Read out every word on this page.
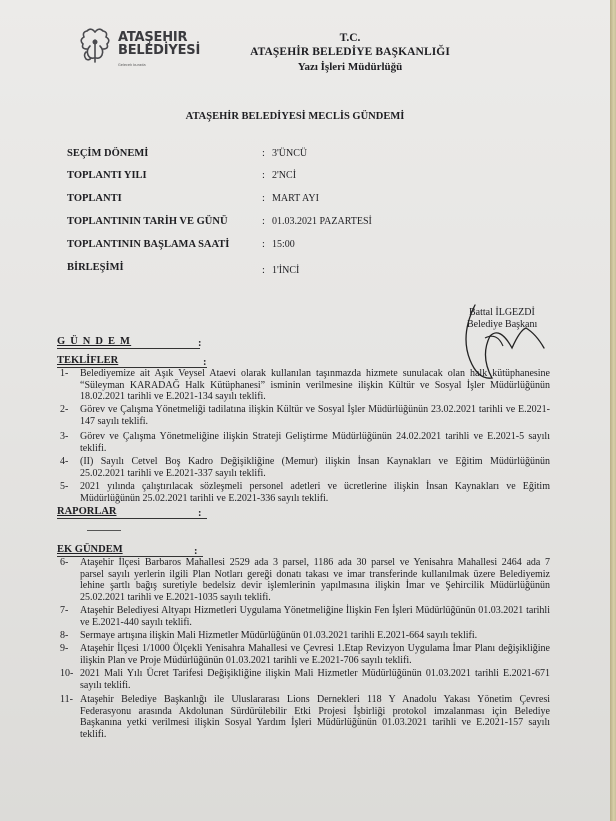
ATAŞEHIR
BELEDİYESİ
Gelecek burada
T.C.
ATAŞEHİR BELEDİYE BAŞKANLIĞI
Yazı İşleri Müdürlüğü
ATAŞEHİR BELEDİYESİ MECLİS GÜNDEMİ
SEÇİM DÖNEMİ	: 3'ÜNCÜ
TOPLANTI YILI	: 2'NCİ
TOPLANTI	: MART AYI
TOPLANTININ TARİH VE GÜNÜ	: 01.03.2021 PAZARTESİ
TOPLANTININ BAŞLAMA SAATİ	: 15:00
BİRLEŞİMİ	: 1'İNCİ
Battal İLGEZDİ
Belediye Başkanı
G Ü N D E M	:
TEKLİFLER	:
1- Belediyemize ait Aşık Veysel Ataevi olarak kullanılan taşınmazda hizmete sunulacak olan halk kütüphanesine
“Süleyman KARADAĞ Halk Kütüphanesi” isminin verilmesine ilişkin Kültür ve Sosyal İşler Müdürlüğünün
18.02.2021 tarihli ve E.2021-134 sayılı teklifi.
2- Görev ve Çalışma Yönetmeliği tadilatına ilişkin Kültür ve Sosyal İşler Müdürlüğünün 23.02.2021 tarihli ve E.2021-
147 sayılı teklifi.
3- Görev ve Çalışma Yönetmeliğine ilişkin Strateji Geliştirme Müdürlüğünün 24.02.2021 tarihli ve E.2021-5 sayılı
teklifi.
4- (II) Sayılı Cetvel Boş Kadro Değişikliğine (Memur) ilişkin İnsan Kaynakları ve Eğitim Müdürlüğünün
25.02.2021 tarihli ve E.2021-337 sayılı teklifi.
5- 2021 yılında çalıştırılacak sözleşmeli personel adetleri ve ücretlerine ilişkin İnsan Kaynakları ve Eğitim
Müdürlüğünün 25.02.2021 tarihli ve E.2021-336 sayılı teklifi.
RAPORLAR	:
EK GÜNDEM	:
6- Ataşehir İlçesi Barbaros Mahallesi 2529 ada 3 parsel, 1186 ada 30 parsel ve Yenisahra Mahallesi 2464 ada 7
parsel sayılı yerlerin ilgili Plan Notları gereği donatı takası ve imar transferinde kullanılmak üzere Belediyemiz
lehine şartlı bağış suretiyle bedelsiz devir işlemlerinin yapılmasına ilişkin İmar ve Şehircilik Müdürlüğünün
25.02.2021 tarihli ve E.2021-1035 sayılı teklifi.
7- Ataşehir Belediyesi Altyapı Hizmetleri Uygulama Yönetmeliğine İlişkin Fen İşleri Müdürlüğünün 01.03.2021 tarihli
ve E.2021-440 sayılı teklifi.
8- Sermaye artışına ilişkin Mali Hizmetler Müdürlüğünün 01.03.2021 tarihli E.2021-664 sayılı teklifi.
9- Ataşehir İlçesi 1/1000 Ölçekli Yenisahra Mahallesi ve Çevresi 1.Etap Revizyon Uygulama İmar Planı değişikliğine
ilişkin Plan ve Proje Müdürlüğünün 01.03.2021 tarihli ve E.2021-706 sayılı teklifi.
10- 2021 Mali Yılı Ücret Tarifesi Değişikliğine ilişkin Mali Hizmetler Müdürlüğünün 01.03.2021 tarihli E.2021-671
sayılı teklifi.
11- Ataşehir Belediye Başkanlığı ile Uluslararası Lions Dernekleri 118 Y Anadolu Yakası Yönetim Çevresi
Federasyonu arasında Akdolunan Sürdürülebilir Etki Projesi İşbirliği protokol imzalanması için Belediye
Başkanına yetki verilmesi ilişkin Sosyal Yardım İşleri Müdürlüğünün 01.03.2021 tarihli ve E.2021-157 sayılı
teklifi.
